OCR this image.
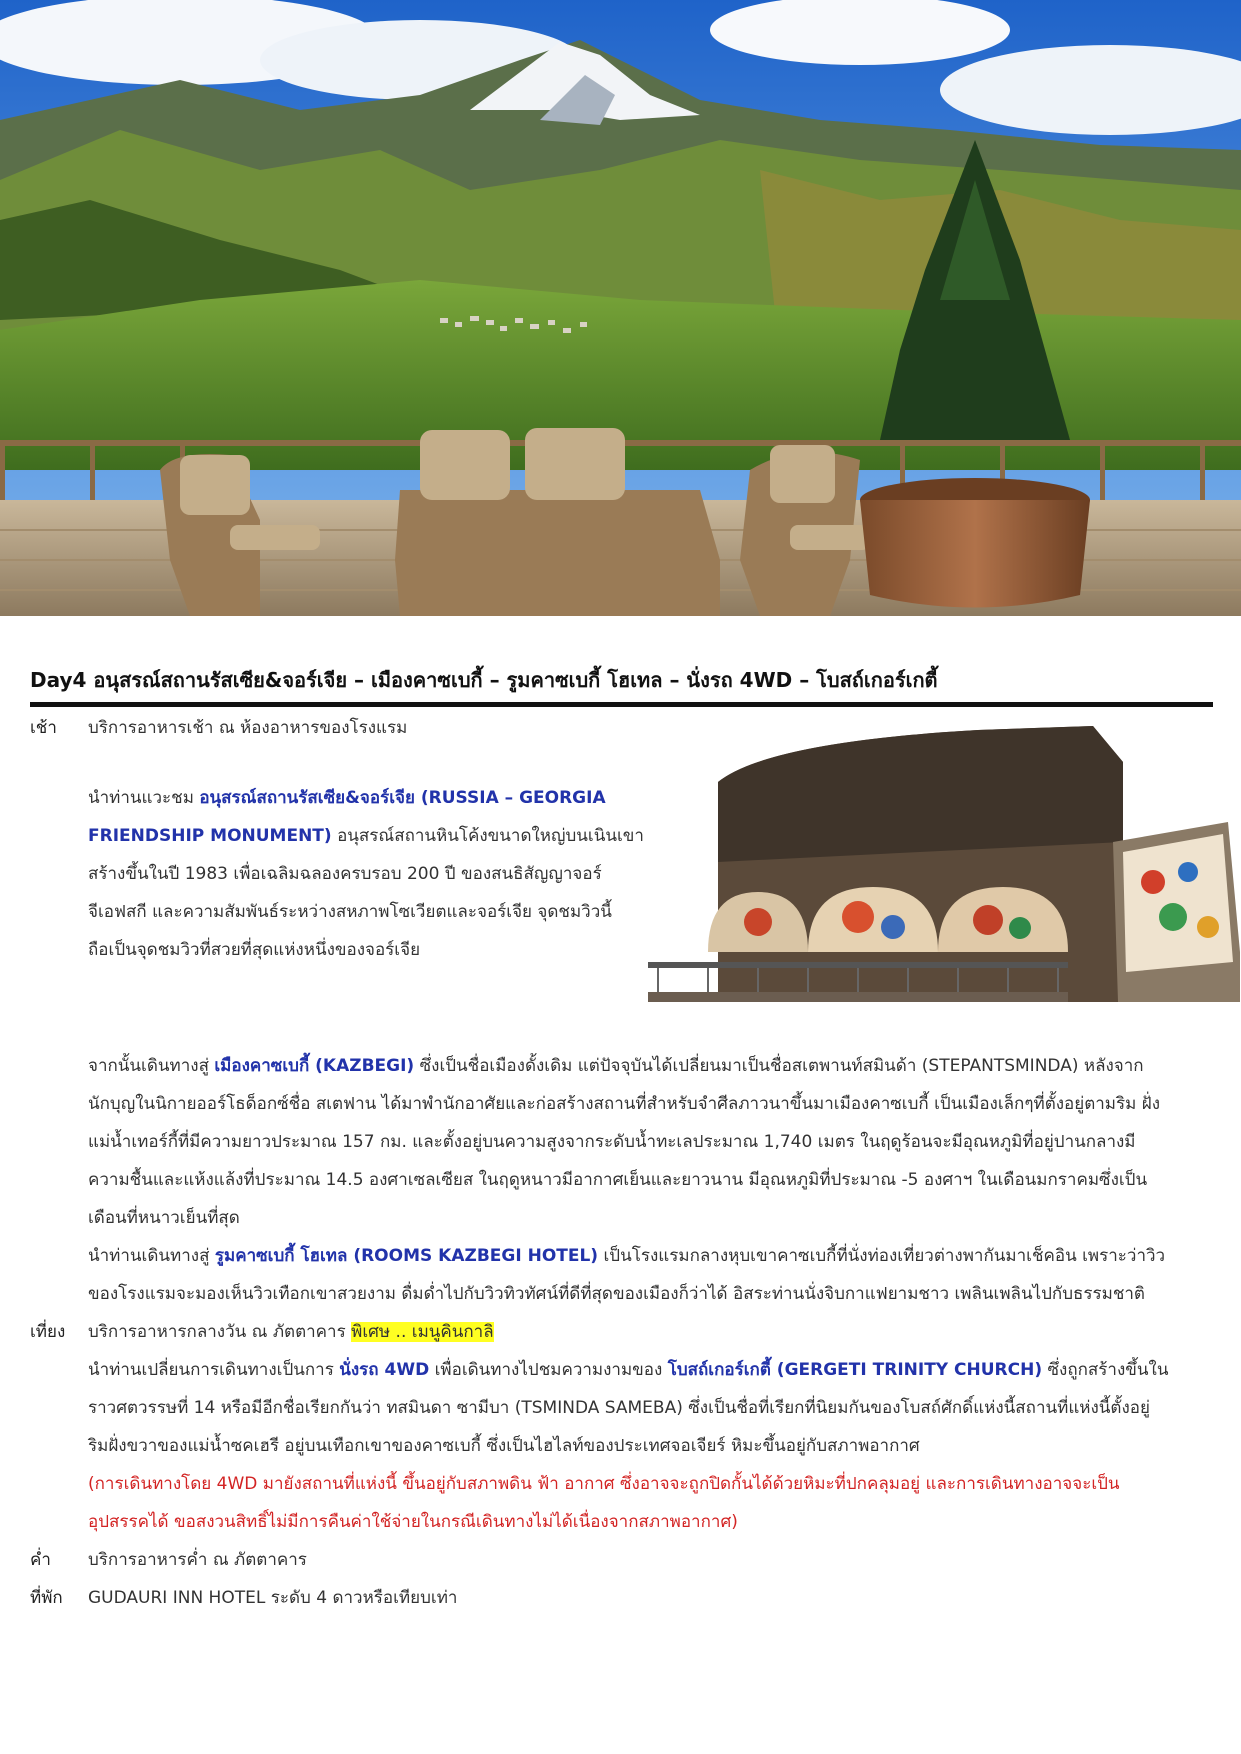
Day4 อนุสรณ์สถานรัสเซีย&จอร์เจีย – เมืองคาซเบกี้ – รูมคาซเบกี้ โฮเทล – นั่งรถ 4WD – โบสถ์เกอร์เกตี้
เช้า บริการอาหารเช้า ณ ห้องอาหารของโรงแรม
นำท่านแวะชม อนุสรณ์สถานรัสเซีย&จอร์เจีย (RUSSIA – GEORGIA
FRIENDSHIP MONUMENT) อนุสรณ์สถานหินโค้งขนาดใหญ่บนเนินเขา
สร้างขึ้นในปี 1983 เพื่อเฉลิมฉลองครบรอบ 200 ปี ของสนธิสัญญาจอร์
จีเอฟสกี และความสัมพันธ์ระหว่างสหภาพโซเวียตและจอร์เจีย จุดชมวิวนี้
ถือเป็นจุดชมวิวที่สวยที่สุดแห่งหนึ่งของจอร์เจีย
จากนั้นเดินทางสู่ เมืองคาซเบกี้ (KAZBEGI) ซึ่งเป็นชื่อเมืองดั้งเดิม แต่ปัจจุบันได้เปลี่ยนมาเป็นชื่อสเตพานท์สมินด้า (STEPANTSMINDA) หลังจาก
นักบุญในนิกายออร์โธด็อกซ์ชื่อ สเตฟาน ได้มาพำนักอาศัยและก่อสร้างสถานที่สำหรับจำศีลภาวนาขึ้นมาเมืองคาซเบกี้ เป็นเมืองเล็กๆที่ตั้งอยู่ตามริม ฝั่ง
แม่น้ำเทอร์กี้ที่มีความยาวประมาณ 157 กม. และตั้งอยู่บนความสูงจากระดับน้ำทะเลประมาณ 1,740 เมตร ในฤดูร้อนจะมีอุณหภูมิที่อยู่ปานกลางมี
ความชื้นและแห้งแล้งที่ประมาณ 14.5 องศาเซลเซียส ในฤดูหนาวมีอากาศเย็นและยาวนาน มีอุณหภูมิที่ประมาณ -5 องศาฯ ในเดือนมกราคมซึ่งเป็น
เดือนที่หนาวเย็นที่สุด
นำท่านเดินทางสู่ รูมคาซเบกี้ โฮเทล (ROOMS KAZBEGI HOTEL) เป็นโรงแรมกลางหุบเขาคาซเบกี้ที่นั่งท่องเที่ยวต่างพากันมาเช็คอิน เพราะว่าวิว
ของโรงแรมจะมองเห็นวิวเทือกเขาสวยงาม ดื่มด่ำไปกับวิวทิวทัศน์ที่ดีที่สุดของเมืองก็ว่าได้ อิสระท่านนั่งจิบกาแฟยามชาว เพลินเพลินไปกับธรรมชาติ
เที่ยง บริการอาหารกลางวัน ณ ภัตตาคาร พิเศษ .. เมนูคินกาลิ
นำท่านเปลี่ยนการเดินทางเป็นการ นั่งรถ 4WD เพื่อเดินทางไปชมความงามของ โบสถ์เกอร์เกตี้ (GERGETI TRINITY CHURCH) ซึ่งถูกสร้างขึ้นใน
ราวศตวรรษที่ 14 หรือมีอีกชื่อเรียกกันว่า ทสมินดา ซามีบา (TSMINDA SAMEBA) ซึ่งเป็นชื่อที่เรียกที่นิยมกันของโบสถ์ศักดิ์แห่งนี้สถานที่แห่งนี้ตั้งอยู่
ริมฝั่งขวาของแม่น้ำซคเฮรี อยู่บนเทือกเขาของคาซเบกี้ ซึ่งเป็นไฮไลท์ของประเทศจอเจียร์ หิมะขึ้นอยู่กับสภาพอากาศ
(การเดินทางโดย 4WD มายังสถานที่แห่งนี้ ขึ้นอยู่กับสภาพดิน ฟ้า อากาศ ซึ่งอาจจะถูกปิดกั้นได้ด้วยหิมะที่ปกคลุมอยู่ และการเดินทางอาจจะเป็น
อุปสรรคได้ ขอสงวนสิทธิ์ไม่มีการคืนค่าใช้จ่ายในกรณีเดินทางไม่ได้เนื่องจากสภาพอากาศ)
ค่ำ บริการอาหารค่ำ ณ ภัตตาคาร
ที่พัก GUDAURI INN HOTEL ระดับ 4 ดาวหรือเทียบเท่า
